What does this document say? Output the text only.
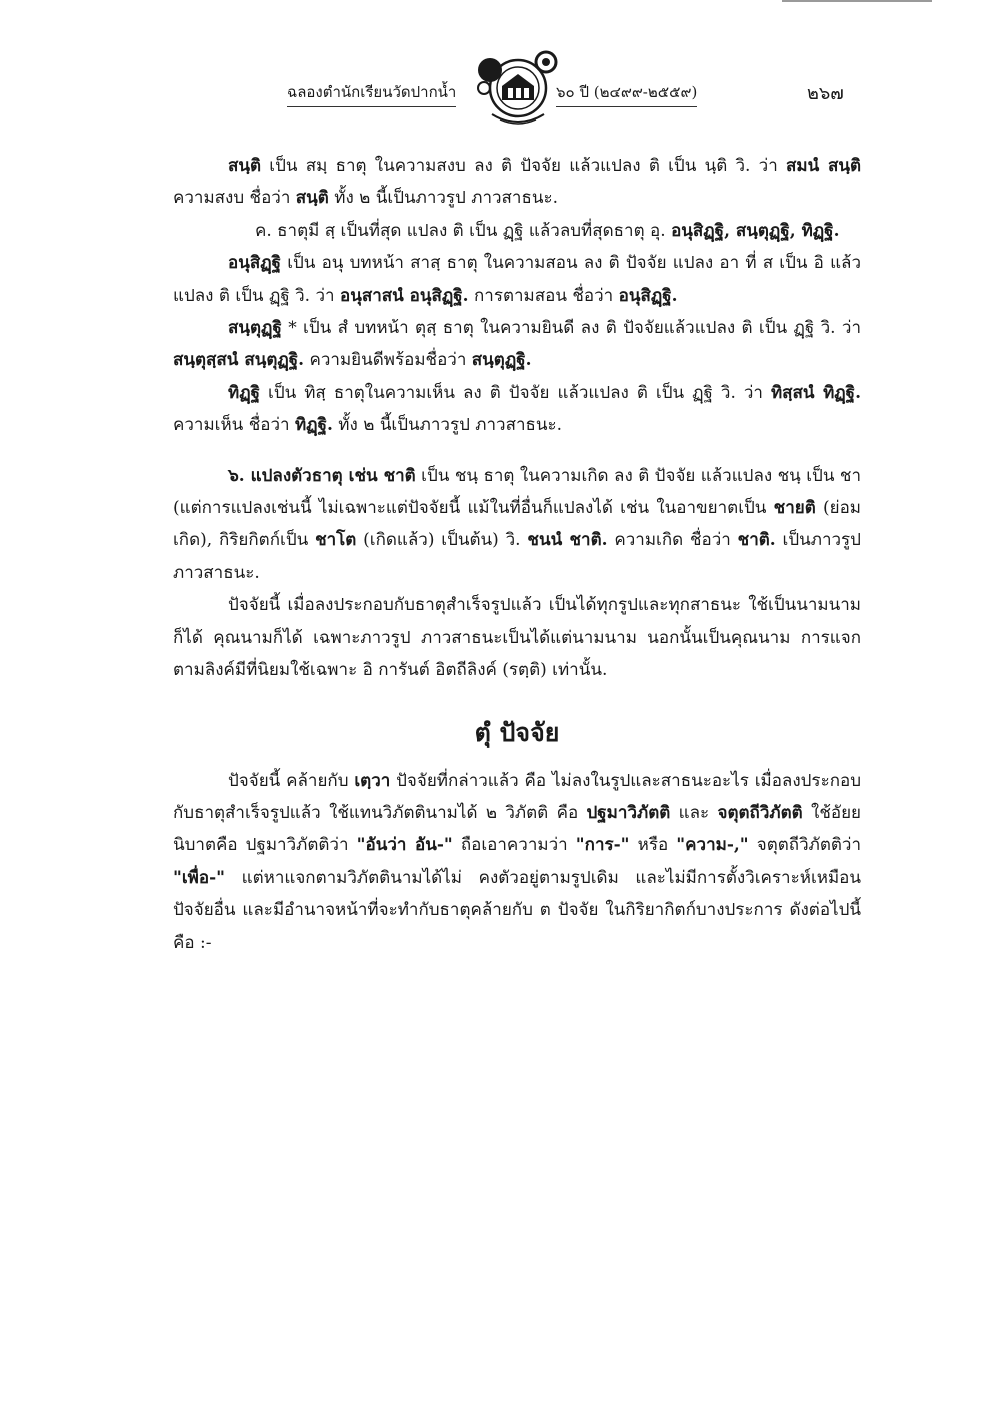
ฉลองตำนักเรียนวัดปากน้ำ	๖๐ ปี (๒๔๙๙-๒๕๕๙)	๒๖๗

สนฺติ เป็น สมฺ ธาตุ ในความสงบ ลง ติ ปัจจัย แล้วแปลง ติ เป็น นฺติ วิ. ว่า สมนํ สนฺติ ความสงบ ชื่อว่า สนฺติ ทั้ง ๒ นี้เป็นภาวรูป ภาวสาธนะ.

ค. ธาตุมี สฺ เป็นที่สุด แปลง ติ เป็น ฏฺฐิ แล้วลบที่สุดธาตุ อุ. อนุสิฏฺฐิ, สนฺตุฏฺฐิ, ทิฏฺฐิ.

อนุสิฏฺฐิ เป็น อนุ บทหน้า สาสฺ ธาตุ ในความสอน ลง ติ ปัจจัย แปลง อา ที่ ส เป็น อิ แล้วแปลง ติ เป็น ฏฺฐิ วิ. ว่า อนุสาสนํ อนุสิฏฺฐิ. การตามสอน ชื่อว่า อนุสิฏฺฐิ.

สนฺตุฏฺฐิ * เป็น สํ บทหน้า ตุสฺ ธาตุ ในความยินดี ลง ติ ปัจจัยแล้วแปลง ติ เป็น ฏฺฐิ วิ. ว่า สนฺตุสฺสนํ สนฺตุฏฺฐิ. ความยินดีพร้อมชื่อว่า สนฺตุฏฺฐิ.

ทิฏฺฐิ เป็น ทิสฺ ธาตุในความเห็น ลง ติ ปัจจัย แล้วแปลง ติ เป็น ฏฺฐิ วิ. ว่า ทิสฺสนํ ทิฏฺฐิ. ความเห็น ชื่อว่า ทิฏฺฐิ. ทั้ง ๒ นี้เป็นภาวรูป ภาวสาธนะ.

๖. แปลงตัวธาตุ เช่น ชาติ เป็น ชนฺ ธาตุ ในความเกิด ลง ติ ปัจจัย แล้วแปลง ชนฺ เป็น ชา (แต่การแปลงเช่นนี้ ไม่เฉพาะแต่ปัจจัยนี้ แม้ในที่อื่นก็แปลงได้ เช่น ในอาขยาตเป็น ชายติ (ย่อมเกิด), กิริยกิตก์เป็น ชาโต (เกิดแล้ว) เป็นต้น) วิ. ชนนํ ชาติ. ความเกิด ชื่อว่า ชาติ. เป็นภาวรูป ภาวสาธนะ.

ปัจจัยนี้ เมื่อลงประกอบกับธาตุสำเร็จรูปแล้ว เป็นได้ทุกรูปและทุกสาธนะ ใช้เป็นนามนามก็ได้ คุณนามก็ได้ เฉพาะภาวรูป ภาวสาธนะเป็นได้แต่นามนาม นอกนั้นเป็นคุณนาม การแจกตามลิงค์มีที่นิยมใช้เฉพาะ อิ การันต์ อิตถีลิงค์ (รตฺติ) เท่านั้น.

ตุํ ปัจจัย

ปัจจัยนี้ คล้ายกับ เตฺวา ปัจจัยที่กล่าวแล้ว คือ ไม่ลงในรูปและสาธนะอะไร เมื่อลงประกอบกับธาตุสำเร็จรูปแล้ว ใช้แทนวิภัตตินามได้ ๒ วิภัตติ คือ ปฐมาวิภัตติ และ จตุตถีวิภัตติ ใช้อัยยนิบาตคือ ปฐมาวิภัตติว่า "อันว่า อัน-" ถือเอาความว่า "การ-" หรือ "ความ-," จตุตถีวิภัตติว่า "เพื่อ-" แต่หาแจกตามวิภัตตินามได้ไม่ คงตัวอยู่ตามรูปเดิม และไม่มีการตั้งวิเคราะห์เหมือนปัจจัยอื่น และมีอำนาจหน้าที่จะทำกับธาตุคล้ายกับ ต ปัจจัย ในกิริยากิตก์บางประการ ดังต่อไปนี้ คือ :-
